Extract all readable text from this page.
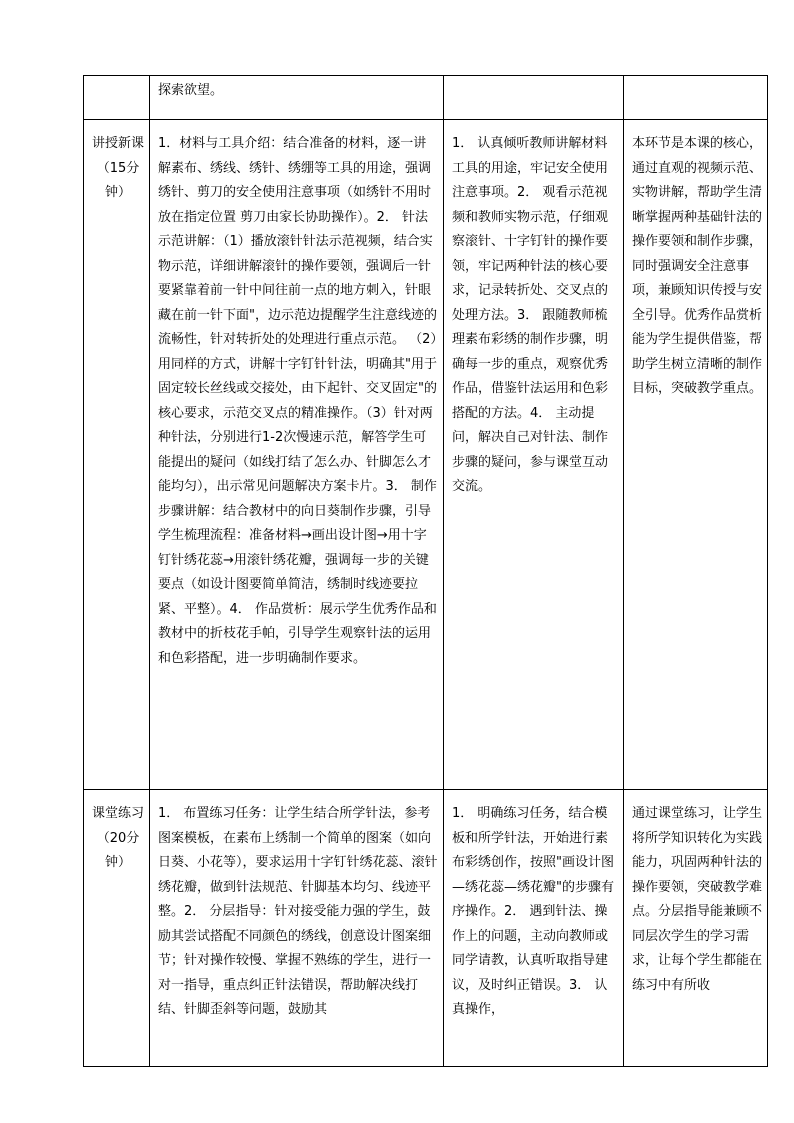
	探索欲望。		

讲授新课
（15分钟）	1．材料与工具介绍：结合准备的材料，逐一讲解素布、绣线、绣针、绣绷等工具的用途，强调绣针、剪刀的安全使用注意事项（如绣针不用时放在指定位置 剪刀由家长协助操作）。2． 针法示范讲解：（1）播放滚针针法示范视频，结合实物示范，详细讲解滚针的操作要领，强调后一针要紧靠着前一针中间往前一点的地方刺入，针眼藏在前一针下面"，边示范边提醒学生注意线迹的流畅性，针对转折处的处理进行重点示范。 （2）用同样的方式，讲解十字钉针针法，明确其"用于固定较长丝线或交接处，由下起针、交叉固定"的核心要求，示范交叉点的精准操作。（3）针对两种针法，分别进行1-2次慢速示范，解答学生可能提出的疑问（如线打结了怎么办、针脚怎么才能均匀），出示常见问题解决方案卡片。3． 制作步骤讲解：结合教材中的向日葵制作步骤，引导学生梳理流程：准备材料→画出设计图→用十字钉针绣花蕊→用滚针绣花瓣，强调每一步的关键要点（如设计图要简单简洁，绣制时线迹要拉紧、平整）。4． 作品赏析：展示学生优秀作品和教材中的折枝花手帕，引导学生观察针法的运用和色彩搭配，进一步明确制作要求。	1． 认真倾听教师讲解材料工具的用途，牢记安全使用注意事项。2． 观看示范视频和教师实物示范，仔细观察滚针、十字钉针的操作要领，牢记两种针法的核心要求，记录转折处、交叉点的处理方法。3． 跟随教师梳理素布彩绣的制作步骤，明确每一步的重点，观察优秀作品，借鉴针法运用和色彩搭配的方法。4． 主动提问，解决自己对针法、制作步骤的疑问，参与课堂互动交流。	本环节是本课的核心，通过直观的视频示范、实物讲解，帮助学生清晰掌握两种基础针法的操作要领和制作步骤，同时强调安全注意事项，兼顾知识传授与安全引导。优秀作品赏析能为学生提供借鉴，帮助学生树立清晰的制作目标，突破教学重点。

课堂练习
（20分钟）	1． 布置练习任务：让学生结合所学针法，参考图案模板，在素布上绣制一个简单的图案（如向日葵、小花等），要求运用十字钉针绣花蕊、滚针绣花瓣，做到针法规范、针脚基本均匀、线迹平整。2． 分层指导：针对接受能力强的学生，鼓励其尝试搭配不同颜色的绣线，创意设计图案细节；针对操作较慢、掌握不熟练的学生，进行一对一指导，重点纠正针法错误，帮助解决线打结、针脚歪斜等问题，鼓励其	1． 明确练习任务，结合模板和所学针法，开始进行素布彩绣创作，按照"画设计图—绣花蕊—绣花瓣"的步骤有序操作。2． 遇到针法、操作上的问题，主动向教师或同学请教，认真听取指导建议，及时纠正错误。3． 认真操作，	通过课堂练习，让学生将所学知识转化为实践能力，巩固两种针法的操作要领，突破教学难点。分层指导能兼顾不同层次学生的学习需求，让每个学生都能在练习中有所收
